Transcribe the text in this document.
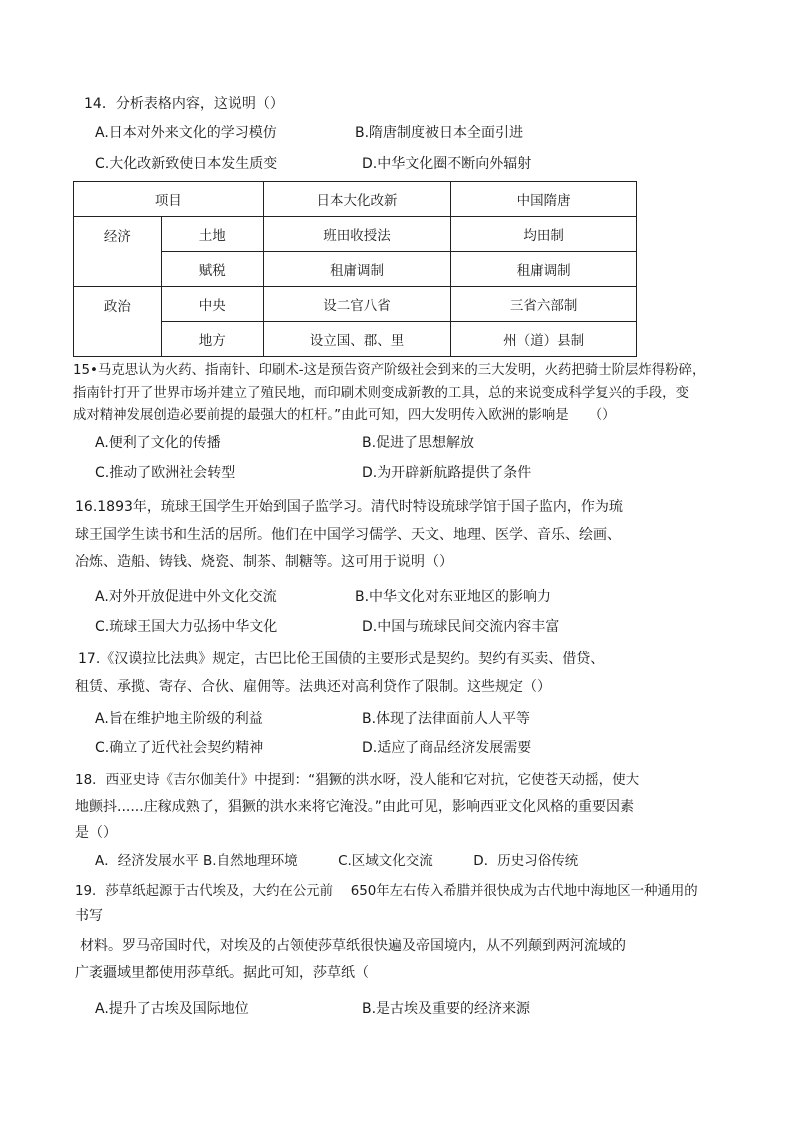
14．分析表格内容，这说明（）
A.日本对外来文化的学习模仿	B.隋唐制度被日本全面引进
C.大化改新致使日本发生质变	D.中华文化圈不断向外辐射
项目		日本大化改新	中国隋唐
经济	土地	班田收授法	均田制
	赋税	租庸调制	租庸调制
政治	中央	设二官八省	三省六部制
	地方	设立国、郡、里	州（道）县制
15•马克思认为火药、指南针、印刷术-这是预告资产阶级社会到来的三大发明，火药把骑士阶层炸得粉碎，
指南针打开了世界市场并建立了殖民地，而印刷术则变成新教的工具，总的来说变成科学复兴的手段，变
成对精神发展创造必要前提的最强大的杠杆。”由此可知，四大发明传入欧洲的影响是　　（）
A.便利了文化的传播	B.促进了思想解放
C.推动了欧洲社会转型	D.为开辟新航路提供了条件
16.1893年，琉球王国学生开始到国子监学习。清代时特设琉球学馆于国子监内，作为琉
球王国学生读书和生活的居所。他们在中国学习儒学、天文、地理、医学、音乐、绘画、
冶炼、造船、铸钱、烧瓷、制茶、制糖等。这可用于说明（）
A.对外开放促进中外文化交流	B.中华文化对东亚地区的影响力
C.琉球王国大力弘扬中华文化	D.中国与琉球民间交流内容丰富
17.《汉谟拉比法典》规定，古巴比伦王国债的主要形式是契约。契约有买卖、借贷、
租赁、承揽、寄存、合伙、雇佣等。法典还对高利贷作了限制。这些规定（）
A.旨在维护地主阶级的利益	B.体现了法律面前人人平等
C.确立了近代社会契约精神	D.适应了商品经济发展需要
18．西亚史诗《吉尔伽美什》中提到：“猖獗的洪水呀，没人能和它对抗，它使苍天动摇，使大
地颤抖......庄稼成熟了，猖獗的洪水来将它淹没。”由此可见，影响西亚文化风格的重要因素
是（）
A．经济发展水平 B.自然地理环境　　　C.区域文化交流　　　D．历史习俗传统
19．莎草纸起源于古代埃及，大约在公元前　 650年左右传入希腊并很快成为古代地中海地区一种通用的
书写
材料。罗马帝国时代，对埃及的占领使莎草纸很快遍及帝国境内，从不列颠到两河流域的
广袤疆域里都使用莎草纸。据此可知，莎草纸（
A.提升了古埃及国际地位	B.是古埃及重要的经济来源
